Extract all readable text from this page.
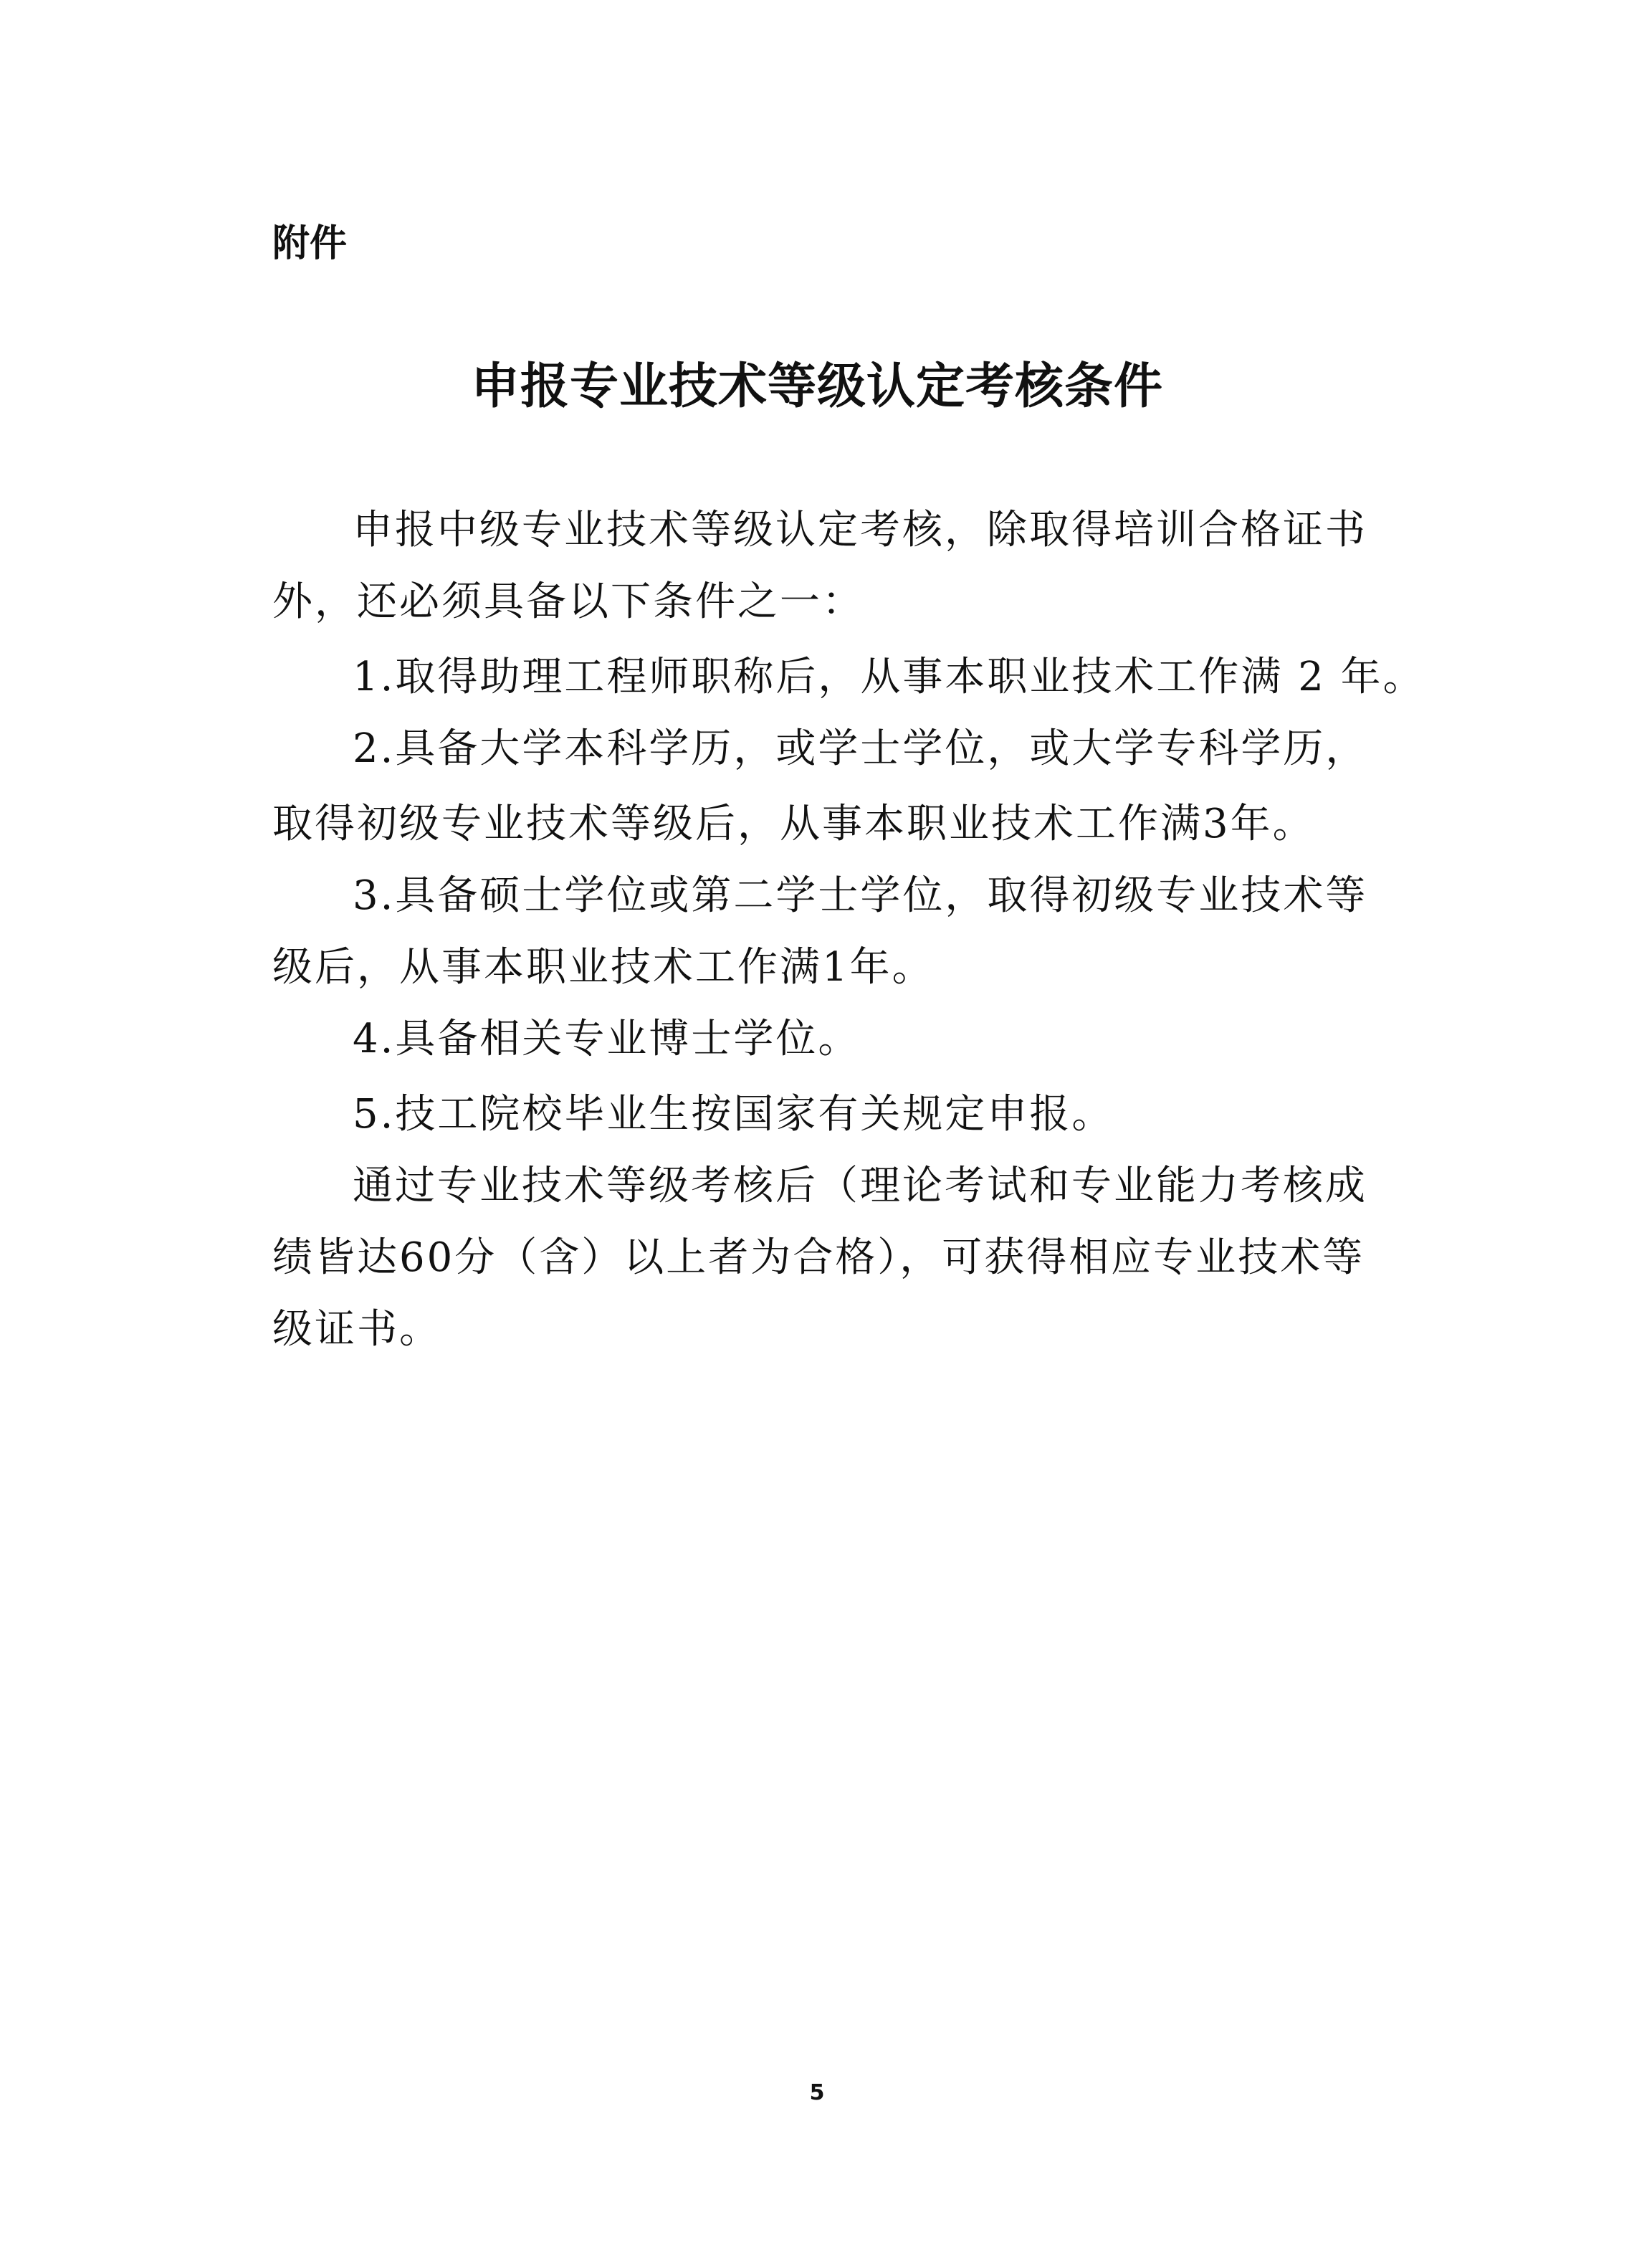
附件
申报专业技术等级认定考核条件
申报中级专业技术等级认定考核，除取得培训合格证书
外，还必须具备以下条件之一：
1.取得助理工程师职称后，从事本职业技术工作满 2 年。
2.具备大学本科学历，或学士学位，或大学专科学历，
取得初级专业技术等级后，从事本职业技术工作满3年。
3.具备硕士学位或第二学士学位，取得初级专业技术等
级后，从事本职业技术工作满1年。
4.具备相关专业博士学位。
5.技工院校毕业生按国家有关规定申报。
通过专业技术等级考核后（理论考试和专业能力考核成
绩皆达60分（含）以上者为合格），可获得相应专业技术等
级证书。
5
